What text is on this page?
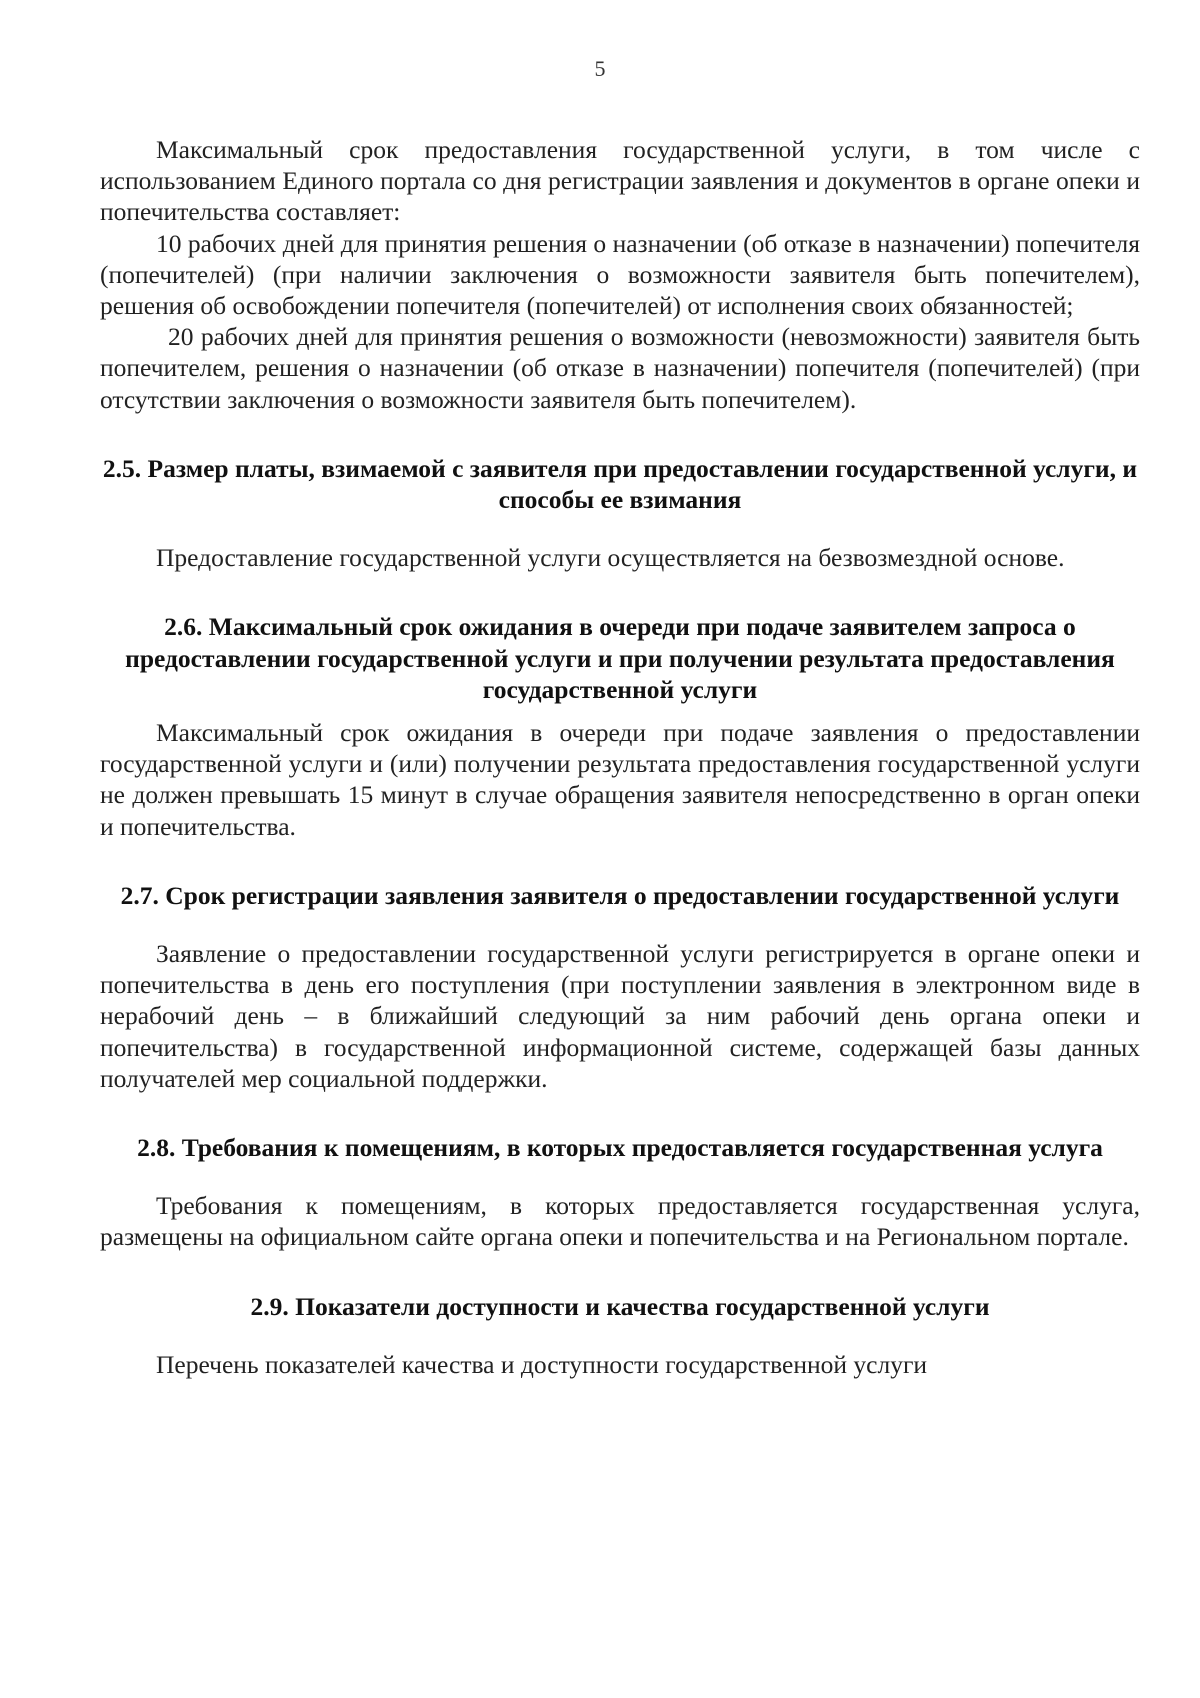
5

Максимальный срок предоставления государственной услуги, в том числе с использованием Единого портала со дня регистрации заявления и документов в органе опеки и попечительства составляет:

10 рабочих дней для принятия решения о назначении (об отказе в назначении) попечителя (попечителей) (при наличии заключения о возможности заявителя быть попечителем), решения об освобождении попечителя (попечителей) от исполнения своих обязанностей;

20 рабочих дней для принятия решения о возможности (невозможности) заявителя быть попечителем, решения о назначении (об отказе в назначении) попечителя (попечителей) (при отсутствии заключения о возможности заявителя быть попечителем).

2.5. Размер платы, взимаемой с заявителя при предоставлении государственной услуги, и способы ее взимания

Предоставление государственной услуги осуществляется на безвозмездной основе.

2.6. Максимальный срок ожидания в очереди при подаче заявителем запроса о предоставлении государственной услуги и при получении результата предоставления государственной услуги

Максимальный срок ожидания в очереди при подаче заявления о предоставлении государственной услуги и (или) получении результата предоставления государственной услуги не должен превышать 15 минут в случае обращения заявителя непосредственно в орган опеки и попечительства.

2.7. Срок регистрации заявления заявителя о предоставлении государственной услуги

Заявление о предоставлении государственной услуги регистрируется в органе опеки и попечительства в день его поступления (при поступлении заявления в электронном виде в нерабочий день – в ближайший следующий за ним рабочий день органа опеки и попечительства) в государственной информационной системе, содержащей базы данных получателей мер социальной поддержки.

2.8. Требования к помещениям, в которых предоставляется государственная услуга

Требования к помещениям, в которых предоставляется государственная услуга, размещены на официальном сайте органа опеки и попечительства и на Региональном портале.

2.9. Показатели доступности и качества государственной услуги

Перечень показателей качества и доступности государственной услуги
